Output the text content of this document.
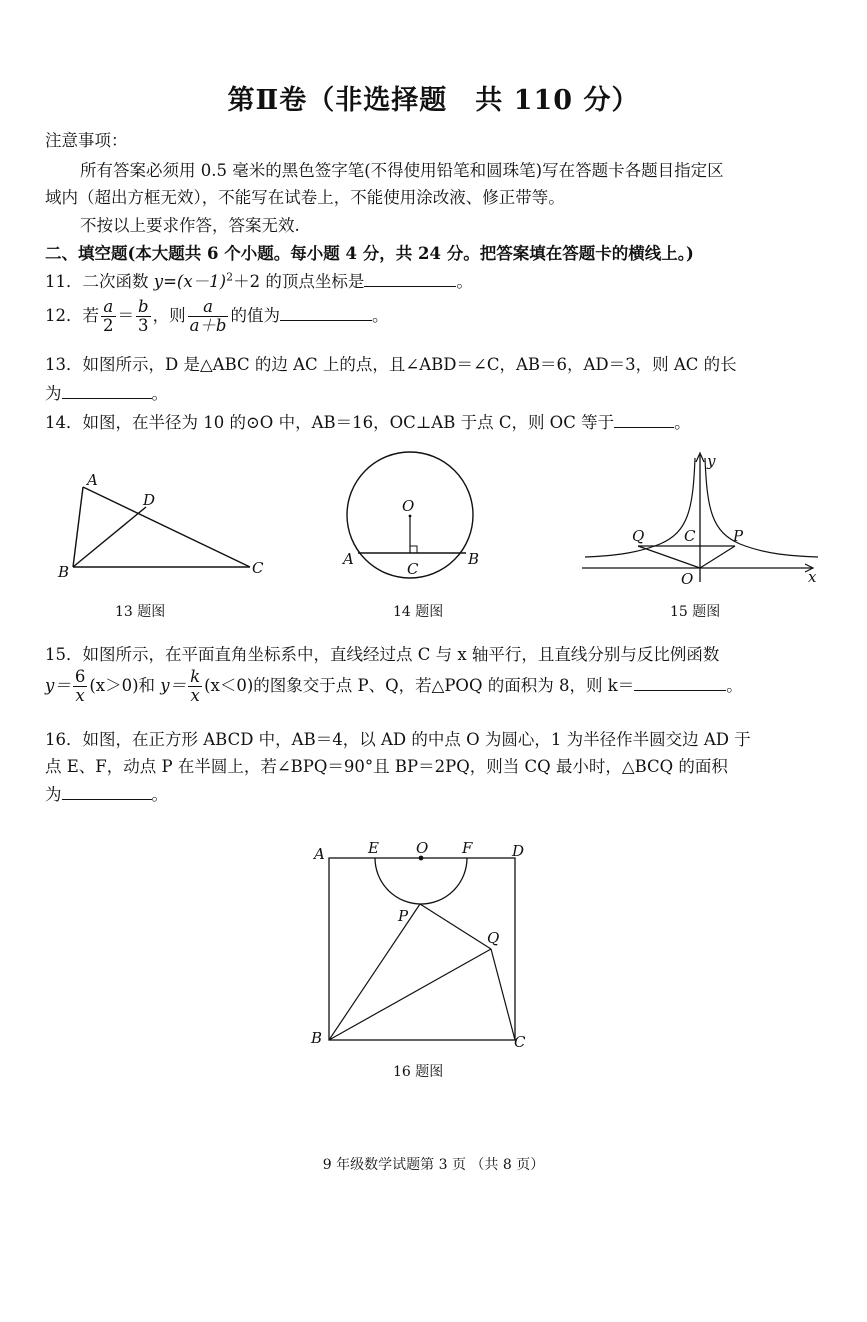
第Ⅱ卷（非选择题　共 110 分）
注意事项：
所有答案必须用 0.5 毫米的黑色签字笔(不得使用铅笔和圆珠笔)写在答题卡各题目指定区
域内（超出方框无效），不能写在试卷上，不能使用涂改液、修正带等。
不按以上要求作答，答案无效.
二、填空题(本大题共 6 个小题。每小题 4 分，共 24 分。把答案填在答题卡的横线上。)
11．二次函数 $y=(x-1)^2+2$ 的顶点坐标是	。
12．若 $\frac{a}{2} = \frac{b}{3}$ ，则 $\frac{a}{a+b}$ 的值为	。
13．如图所示，D 是△ABC 的边 AC 上的点，且∠ABD＝∠C，AB＝6，AD＝3，则 AC 的长
为	。
14．如图，在半径为 10 的⊙O 中，AB＝16，OC⊥AB 于点 C，则 OC 等于	。
A
B	C
D
13 题图
O
A	B
C
14 题图
y
x
O
Q	C	P
15 题图
15．如图所示，在平面直角坐标系中，直线经过点 C 与 x 轴平行，且直线分别与反比例函数
$y= \frac{6}{x} (x>0)$和 $y= \frac{k}{x} (x<0)$的图象交于点 P、Q，若△POQ 的面积为 8，则 k＝	。
16．如图，在正方形 ABCD 中，AB＝4，以 AD 的中点 O 为圆心，1 为半径作半圆交边 AD 于
点 E、F，动点 P 在半圆上，若∠BPQ＝90°且 BP＝2PQ，则当 CQ 最小时，△BCQ 的面积
为	。
A	E O F	D
P
Q
B	C
16 题图
9 年级数学试题第 3 页 （共 8 页）
